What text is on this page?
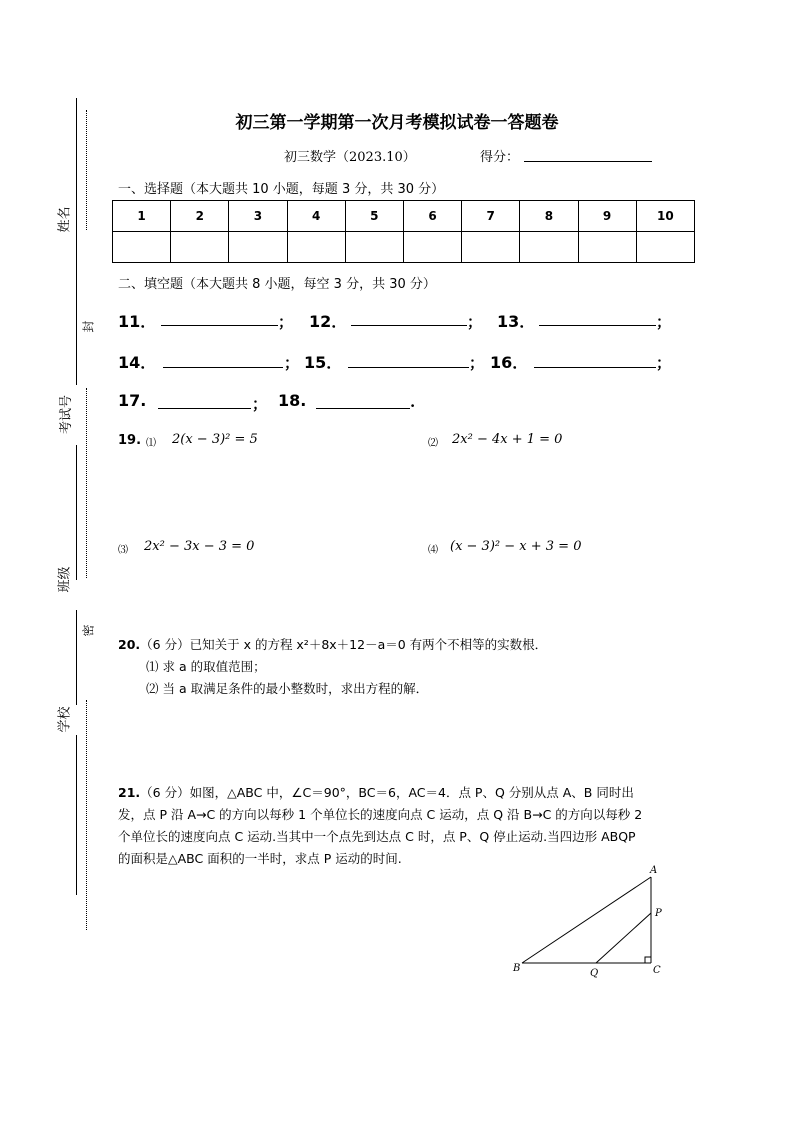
姓名
封
考试号
班级
密
学校
初三第一学期第一次月考模拟试卷一答题卷
初三数学（2023.10）	得分：
一、选择题（本大题共 10 小题，每题 3 分，共 30 分）
1	2	3	4	5	6	7	8	9	10

二、填空题（本大题共 8 小题，每空 3 分，共 30 分）
11．	； 12．	； 13．	；
14．	； 15．	； 16．	；
17.	； 18.	.
19. ⑴ 2(x − 3)² = 5	⑵ 2x² − 4x + 1 = 0
⑶ 2x² − 3x − 3 = 0	⑷ (x − 3)² − x + 3 = 0
20.（6 分）已知关于 x 的方程 x²＋8x＋12－a＝0 有两个不相等的实数根．
⑴ 求 a 的取值范围；
⑵ 当 a 取满足条件的最小整数时，求出方程的解．
21.（6 分）如图，△ABC 中，∠C＝90°，BC＝6，AC＝4．点 P、Q 分别从点 A、B 同时出
发，点 P 沿 A→C 的方向以每秒 1 个单位长的速度向点 C 运动，点 Q 沿 B→C 的方向以每秒 2
个单位长的速度向点 C 运动.当其中一个点先到达点 C 时，点 P、Q 停止运动.当四边形 ABQP
的面积是△ABC 面积的一半时，求点 P 运动的时间.
A
P
B	Q	C
